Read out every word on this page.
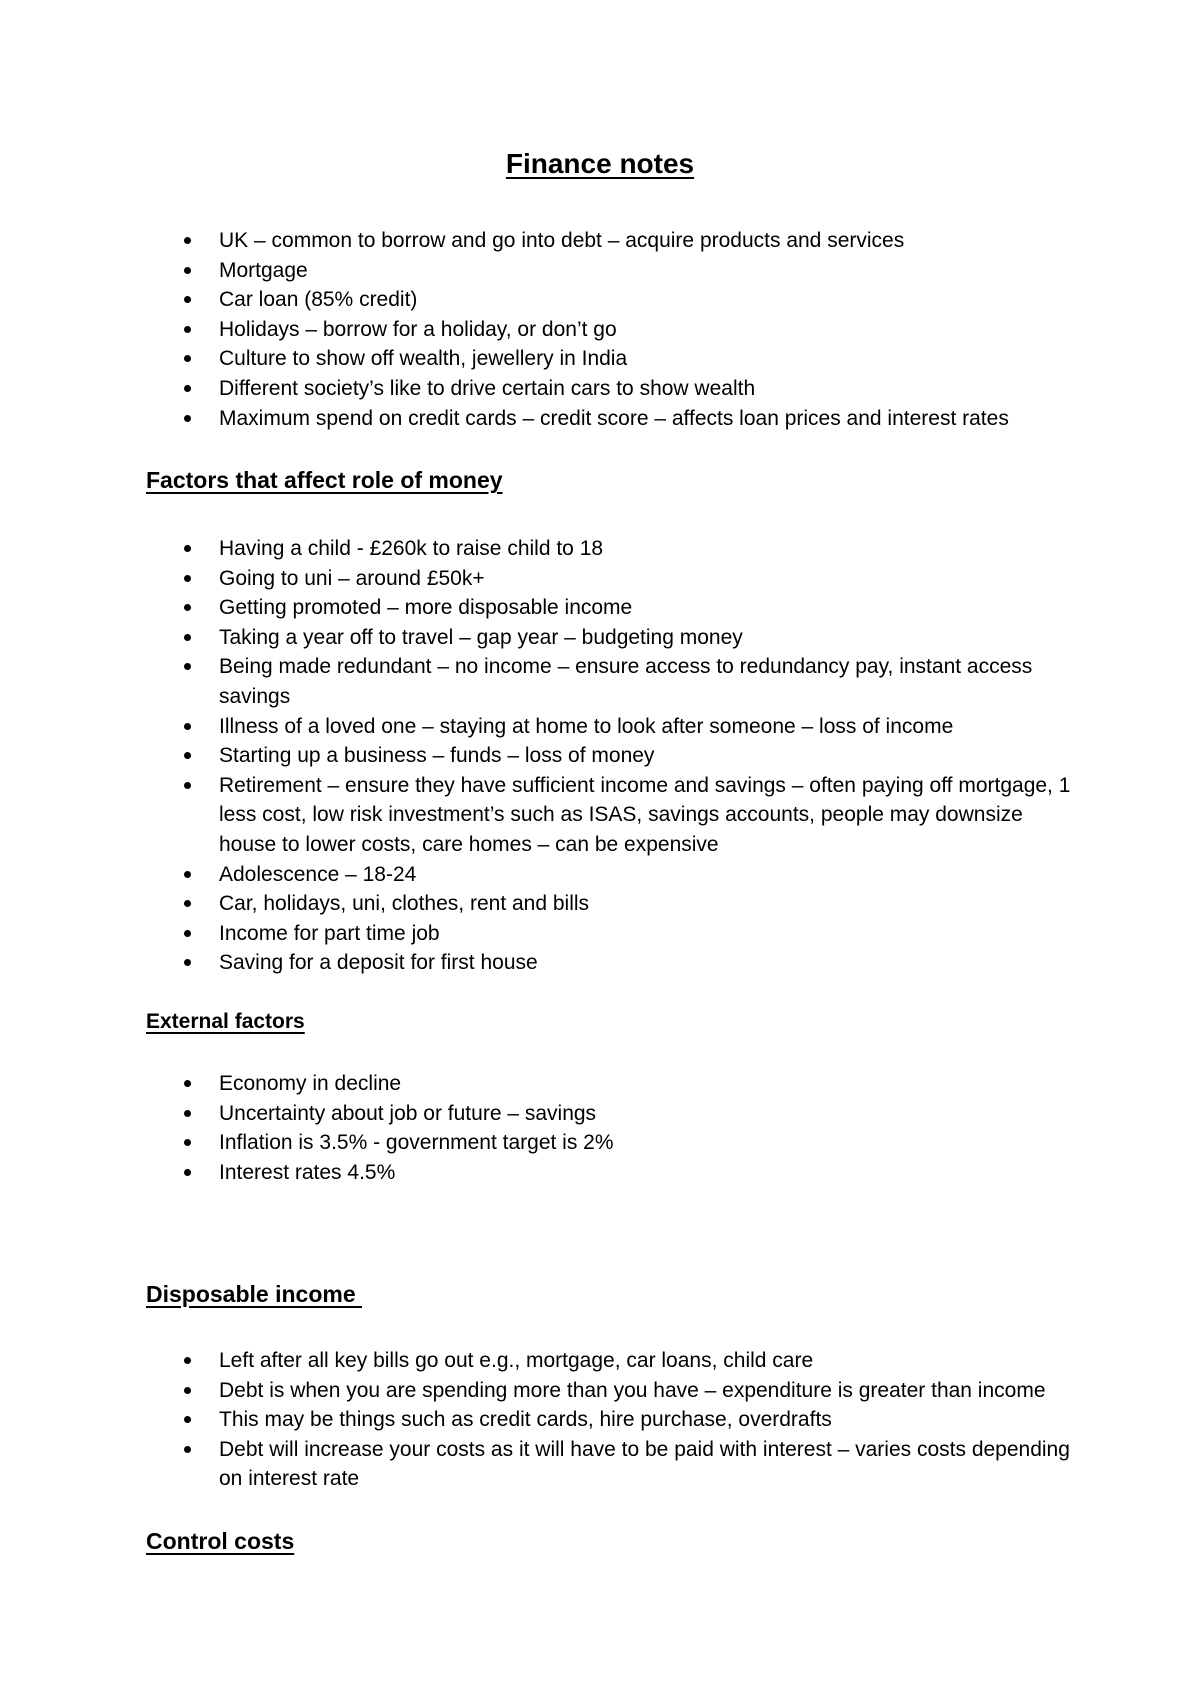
Finance notes
UK – common to borrow and go into debt – acquire products and services
Mortgage
Car loan (85% credit)
Holidays – borrow for a holiday, or don’t go
Culture to show off wealth, jewellery in India
Different society’s like to drive certain cars to show wealth
Maximum spend on credit cards – credit score – affects loan prices and interest rates
Factors that affect role of money
Having a child - £260k to raise child to 18
Going to uni – around £50k+
Getting promoted – more disposable income
Taking a year off to travel – gap year – budgeting money
Being made redundant – no income – ensure access to redundancy pay, instant access savings
Illness of a loved one – staying at home to look after someone – loss of income
Starting up a business – funds – loss of money
Retirement – ensure they have sufficient income and savings – often paying off mortgage, 1 less cost, low risk investment’s such as ISAS, savings accounts, people may downsize house to lower costs, care homes – can be expensive
Adolescence – 18-24
Car, holidays, uni, clothes, rent and bills
Income for part time job
Saving for a deposit for first house
External factors
Economy in decline
Uncertainty about job or future – savings
Inflation is 3.5% - government target is 2%
Interest rates 4.5%
Disposable income
Left after all key bills go out e.g., mortgage, car loans, child care
Debt is when you are spending more than you have – expenditure is greater than income
This may be things such as credit cards, hire purchase, overdrafts
Debt will increase your costs as it will have to be paid with interest – varies costs depending on interest rate
Control costs
